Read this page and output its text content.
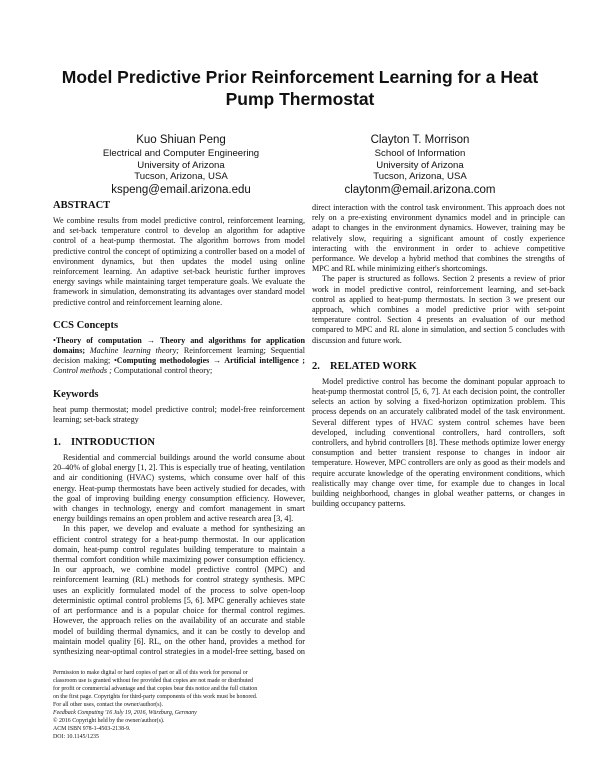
Model Predictive Prior Reinforcement Learning for a Heat Pump Thermostat
Kuo Shiuan Peng
Electrical and Computer Engineering
University of Arizona
Tucson, Arizona, USA
kspeng@email.arizona.edu
Clayton T. Morrison
School of Information
University of Arizona
Tucson, Arizona, USA
claytonm@email.arizona.com
ABSTRACT

We combine results from model predictive control, reinforcement learning, and set-back temperature control to develop an algorithm for adaptive control of a heat-pump thermostat. The algorithm borrows from model predictive control the concept of optimizing a controller based on a model of environment dynamics, but then updates the model using online reinforcement learning. An adaptive set-back heuristic further improves energy savings while maintaining target temperature goals. We evaluate the framework in simulation, demonstrating its advantages over standard model predictive control and reinforcement learning alone.

CCS Concepts

•Theory of computation → Theory and algorithms for application domains; Machine learning theory; Reinforcement learning; Sequential decision making; •Computing methodologies → Artificial intelligence ; Control methods ; Computational control theory;

Keywords

heat pump thermostat; model predictive control; model-free reinforcement learning; set-back strategy

1. INTRODUCTION

Residential and commercial buildings around the world consume about 20–40% of global energy [1, 2]. This is especially true of heating, ventilation and air conditioning (HVAC) systems, which consume over half of this energy. Heat-pump thermostats have been actively studied for decades, with the goal of improving building energy consumption efficiency. However, with changes in technology, energy and comfort management in smart energy buildings remains an open problem and active research area [3, 4].

In this paper, we develop and evaluate a method for synthesizing an efficient control strategy for a heat-pump thermostat. In our application domain, heat-pump control regulates building temperature to maintain a thermal comfort condition while maximizing power consumption efficiency. In our approach, we combine model predictive control (MPC) and reinforcement learning (RL) methods for control strategy synthesis. MPC uses an explicitly formulated model of the process to solve open-loop deterministic optimal control problems [5, 6]. MPC generally achieves state of art performance and is a popular choice for thermal control regimes. However, the approach relies on the availability of an accurate and stable model of building thermal dynamics, and it can be costly to develop and maintain model quality [6]. RL, on the other hand, provides a method for synthesizing near-optimal control strategies in a model-free setting, based on

direct interaction with the control task environment. This approach does not rely on a pre-existing environment dynamics model and in principle can adapt to changes in the environment dynamics. However, training may be relatively slow, requiring a significant amount of costly experience interacting with the environment in order to achieve competitive performance. We develop a hybrid method that combines the strengths of MPC and RL while minimizing either's shortcomings.

The paper is structured as follows. Section 2 presents a review of prior work in model predictive control, reinforcement learning, and set-back control as applied to heat-pump thermostats. In section 3 we present our approach, which combines a model predictive prior with set-point temperature control. Section 4 presents an evaluation of our method compared to MPC and RL alone in simulation, and section 5 concludes with discussion and future work.

2. RELATED WORK

Model predictive control has become the dominant popular approach to heat-pump thermostat control [5, 6, 7]. At each decision point, the controller selects an action by solving a fixed-horizon optimization problem. This process depends on an accurately calibrated model of the task environment. Several different types of HVAC system control schemes have been developed, including conventional controllers, hard controllers, soft controllers, and hybrid controllers [8]. These methods optimize lower energy consumption and better transient response to changes in indoor air temperature. However, MPC controllers are only as good as their models and require accurate knowledge of the operating environment conditions, which realistically may change over time, for example due to changes in local building neighborhood, changes in global weather patterns, or changes in building occupancy patterns.

Permission to make digital or hard copies of part or all of this work for personal or
classroom use is granted without fee provided that copies are not made or distributed
for profit or commercial advantage and that copies bear this notice and the full citation
on the first page. Copyrights for third-party components of this work must be honored.
For all other uses, contact the owner/author(s).
Feedback Computing '16 July 19, 2016, Würzburg, Germany
© 2016 Copyright held by the owner/author(s).
ACM ISBN 978-1-4503-2138-9.
DOI: 10.1145/1235
